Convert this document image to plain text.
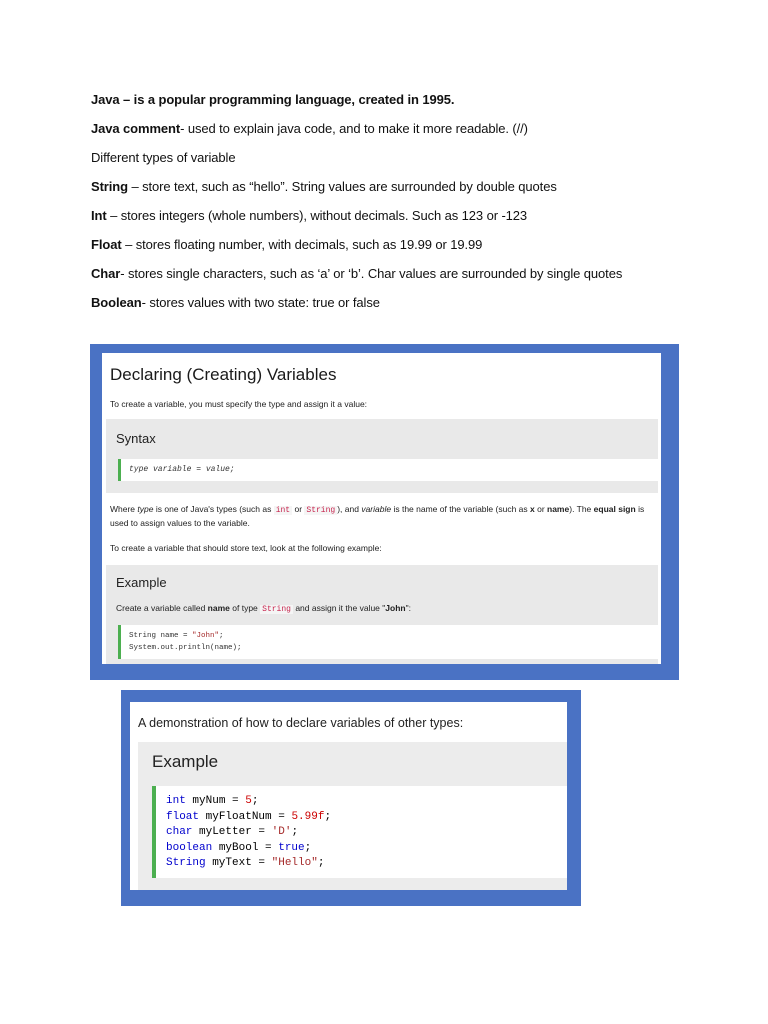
Java – is a popular programming language, created in 1995.
Java comment- used to explain java code, and to make it more readable. (//)
Different types of variable
String – store text, such as “hello”. String values are surrounded by double quotes
Int – stores integers (whole numbers), without decimals. Such as 123 or -123
Float – stores floating number, with decimals, such as 19.99 or 19.99
Char- stores single characters, such as ‘a’ or ‘b’. Char values are surrounded by single quotes
Boolean- stores values with two state: true or false
Declaring (Creating) Variables
To create a variable, you must specify the type and assign it a value:
Syntax
type variable = value;
Where type is one of Java's types (such as int or String ), and variable is the name of the variable (such as x or name). The equal sign is used to assign values to the variable.
To create a variable that should store text, look at the following example:
Example
Create a variable called name of type String and assign it the value "John":
String name = "John";
System.out.println(name);
A demonstration of how to declare variables of other types:
Example
int myNum = 5;
float myFloatNum = 5.99f;
char myLetter = 'D';
boolean myBool = true;
String myText = "Hello";
